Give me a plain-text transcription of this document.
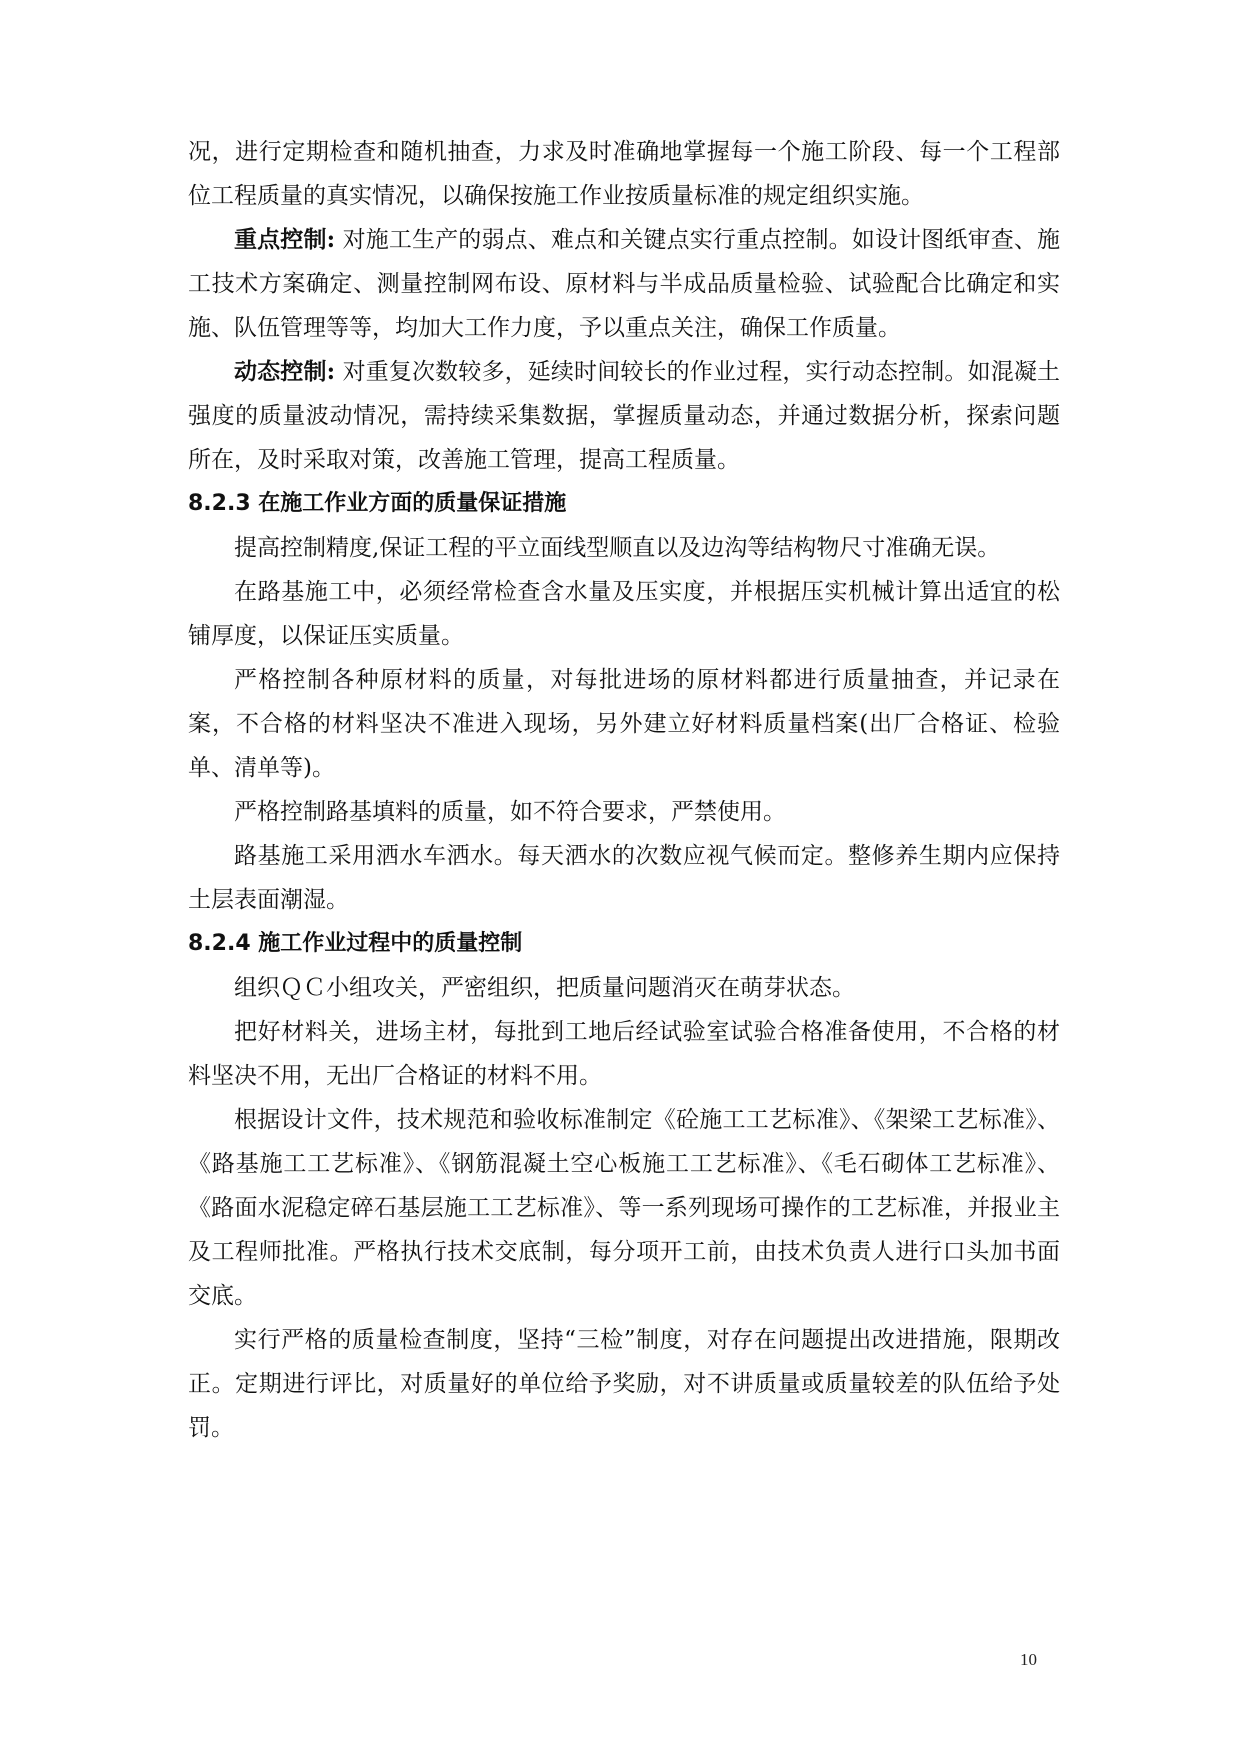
况，进行定期检查和随机抽查，力求及时准确地掌握每一个施工阶段、每一个工程部位工程质量的真实情况，以确保按施工作业按质量标准的规定组织实施。

重点控制: 对施工生产的弱点、难点和关键点实行重点控制。如设计图纸审查、施工技术方案确定、测量控制网布设、原材料与半成品质量检验、试验配合比确定和实施、队伍管理等等，均加大工作力度，予以重点关注，确保工作质量。

动态控制: 对重复次数较多，延续时间较长的作业过程，实行动态控制。如混凝土强度的质量波动情况，需持续采集数据，掌握质量动态，并通过数据分析，探索问题所在，及时采取对策，改善施工管理，提高工程质量。

8.2.3 在施工作业方面的质量保证措施

提高控制精度,保证工程的平立面线型顺直以及边沟等结构物尺寸准确无误。

在路基施工中，必须经常检查含水量及压实度，并根据压实机械计算出适宜的松铺厚度，以保证压实质量。

严格控制各种原材料的质量，对每批进场的原材料都进行质量抽查，并记录在案，不合格的材料坚决不准进入现场，另外建立好材料质量档案(出厂合格证、检验单、清单等)。

严格控制路基填料的质量，如不符合要求，严禁使用。

路基施工采用洒水车洒水。每天洒水的次数应视气候而定。整修养生期内应保持土层表面潮湿。

8.2.4 施工作业过程中的质量控制

组织ＱＣ小组攻关，严密组织，把质量问题消灭在萌芽状态。

把好材料关，进场主材，每批到工地后经试验室试验合格准备使用，不合格的材料坚决不用，无出厂合格证的材料不用。

根据设计文件，技术规范和验收标准制定《砼施工工艺标准》、《架梁工艺标准》、《路基施工工艺标准》、《钢筋混凝土空心板施工工艺标准》、《毛石砌体工艺标准》、《路面水泥稳定碎石基层施工工艺标准》、等一系列现场可操作的工艺标准，并报业主及工程师批准。严格执行技术交底制，每分项开工前，由技术负责人进行口头加书面交底。

实行严格的质量检查制度，坚持“三检”制度，对存在问题提出改进措施，限期改正。定期进行评比，对质量好的单位给予奖励，对不讲质量或质量较差的队伍给予处罚。

10
